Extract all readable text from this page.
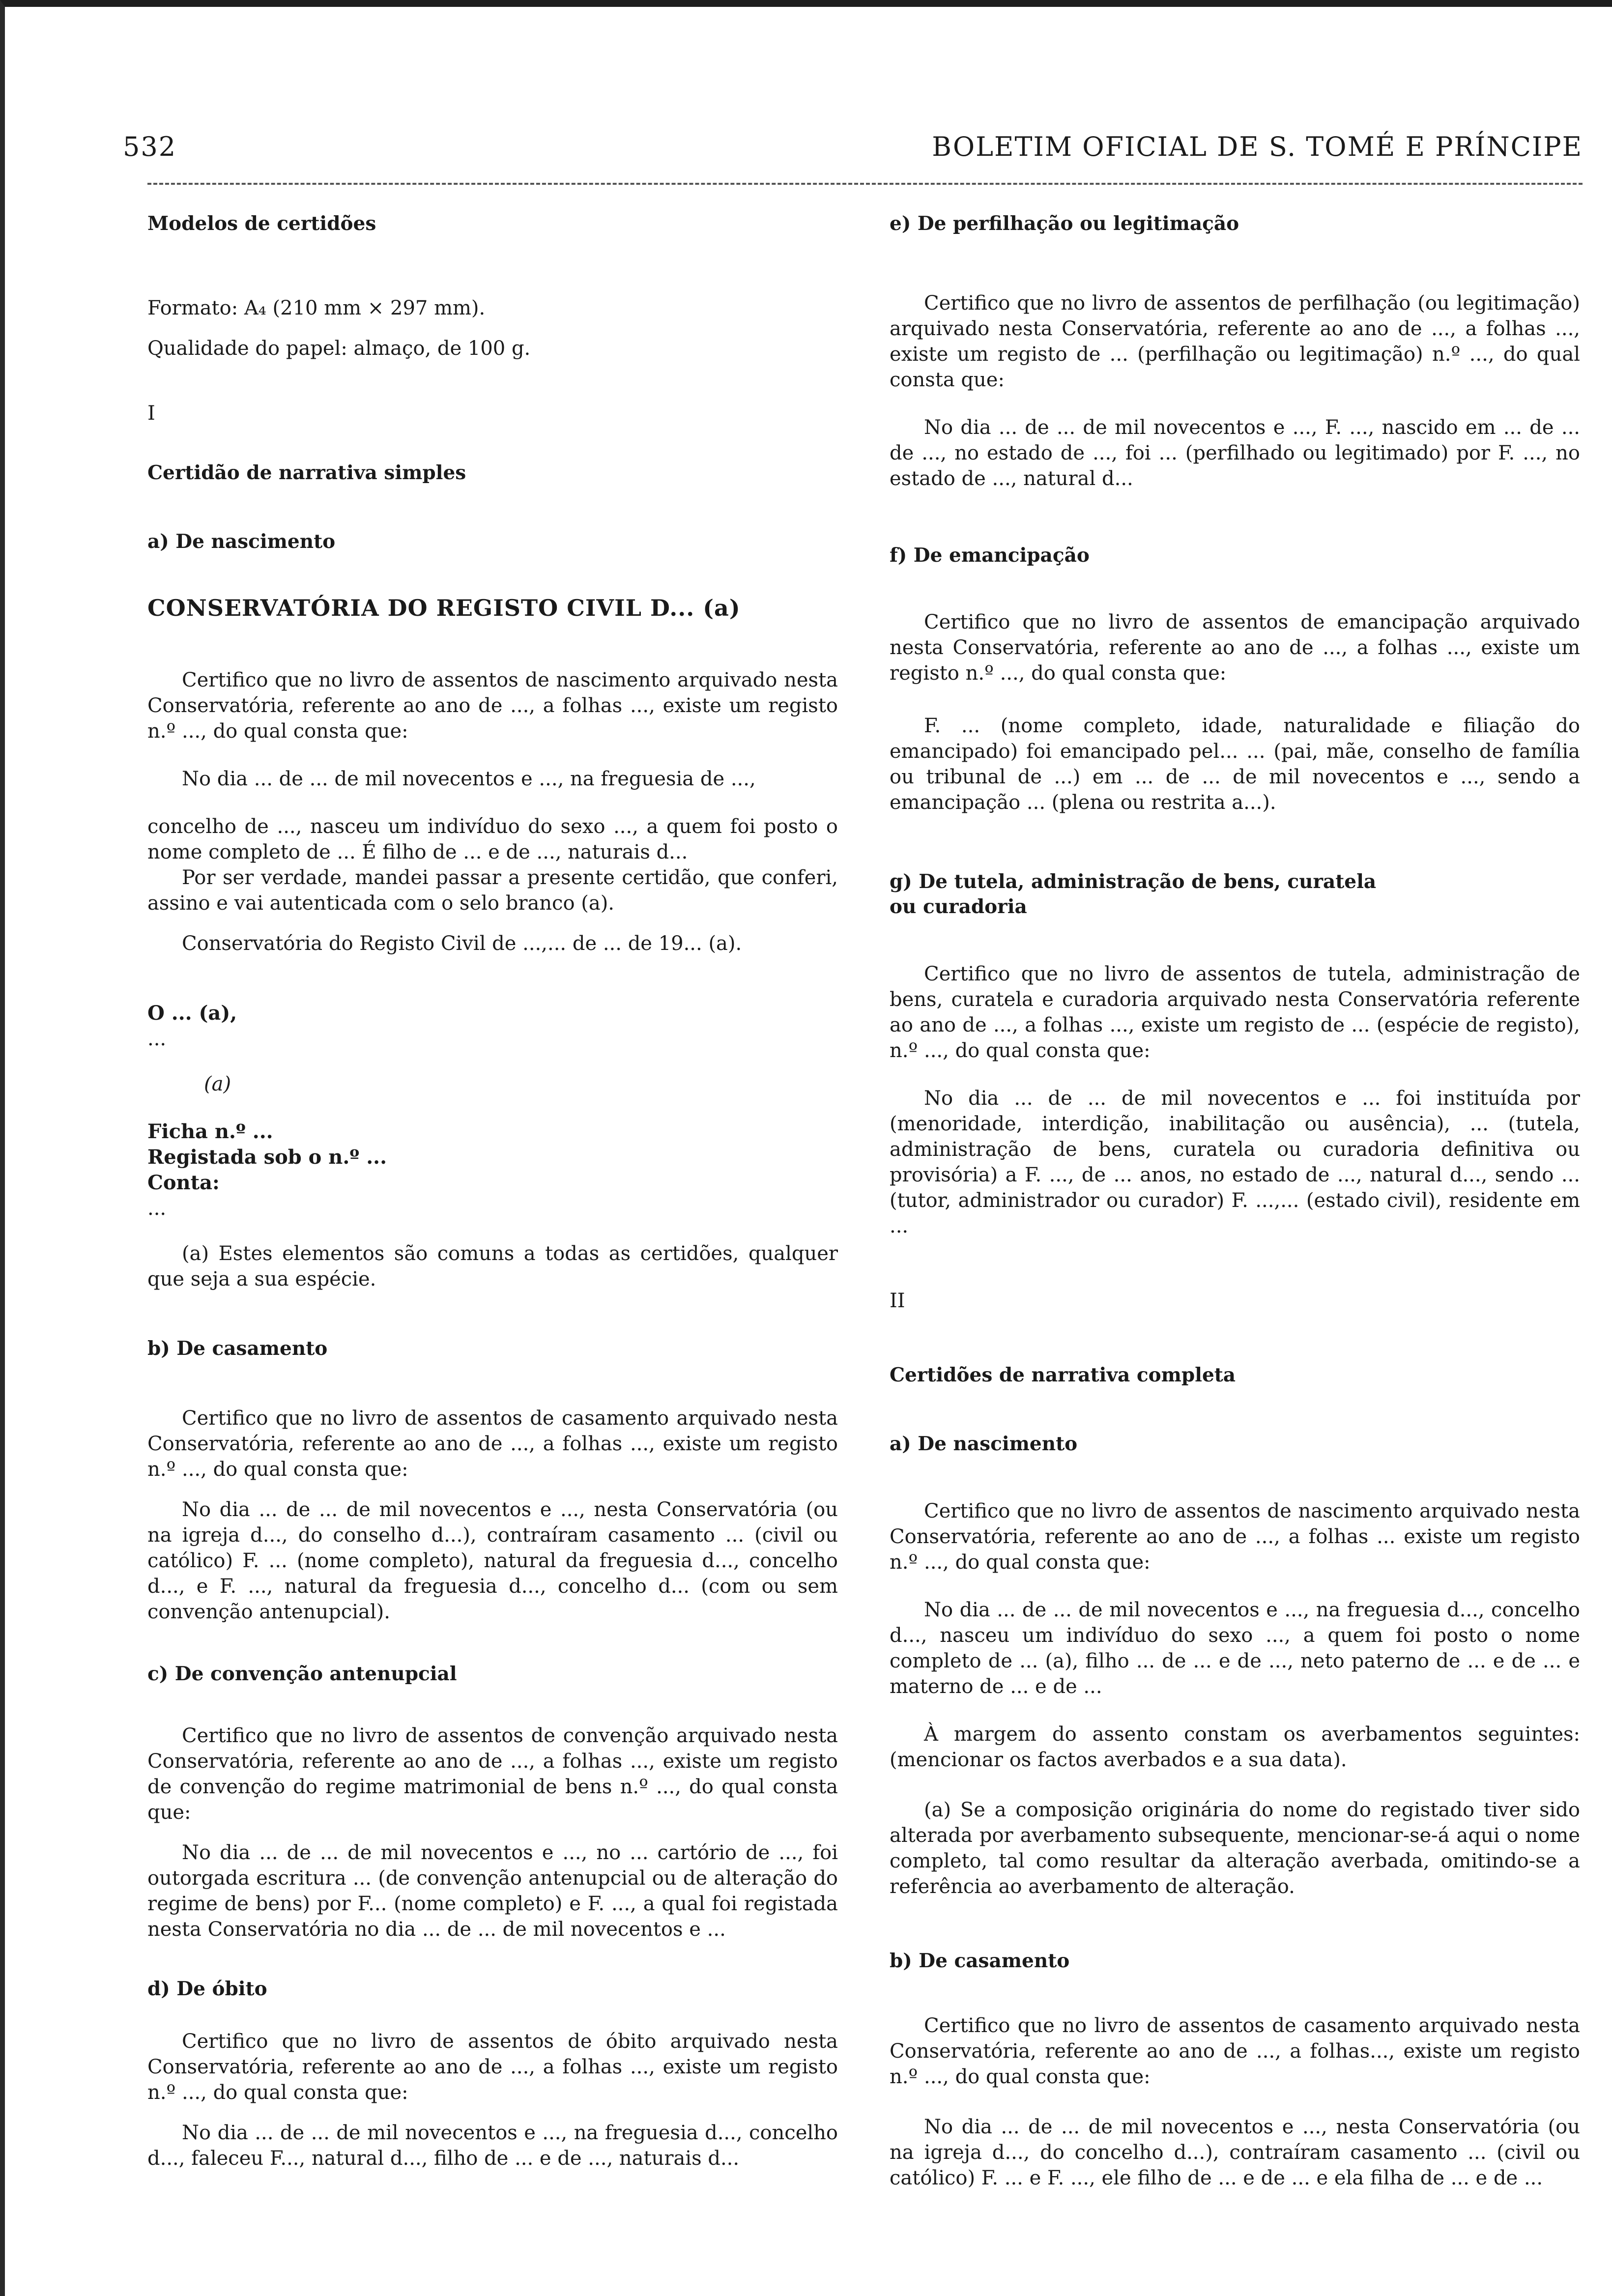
532	BOLETIM OFICIAL DE S. TOMÉ E PRÍNCIPE

Modelos de certidões

Formato: A₄ (210 mm × 297 mm).

Qualidade do papel: almaço, de 100 g.

I

Certidão de narrativa simples

a) De nascimento

CONSERVATÓRIA DO REGISTO CIVIL D... (a)

Certifico que no livro de assentos de nascimento arquivado nesta Conservatória, referente ao ano de ..., a folhas ..., existe um registo n.º ..., do qual consta que:

No dia ... de ... de mil novecentos e ..., na freguesia de ...,

concelho de ..., nasceu um indivíduo do sexo ..., a quem foi posto o nome completo de ... É filho de ... e de ..., naturais d...

Por ser verdade, mandei passar a presente certidão, que conferi, assino e vai autenticada com o selo branco (a).

Conservatória do Registo Civil de ...,... de ... de 19... (a).

O ... (a),

...

(a)

Ficha n.º ...

Registada sob o n.º ...

Conta:

...

(a) Estes elementos são comuns a todas as certidões, qualquer que seja a sua espécie.

b) De casamento

Certifico que no livro de assentos de casamento arquivado nesta Conservatória, referente ao ano de ..., a folhas ..., existe um registo n.º ..., do qual consta que:

No dia ... de ... de mil novecentos e ..., nesta Conservatória (ou na igreja d..., do conselho d...), contraíram casamento ... (civil ou católico) F. ... (nome completo), natural da freguesia d..., concelho d..., e F. ..., natural da freguesia d..., concelho d... (com ou sem convenção antenupcial).

c) De convenção antenupcial

Certifico que no livro de assentos de convenção arquivado nesta Conservatória, referente ao ano de ..., a folhas ..., existe um registo de convenção do regime matrimonial de bens n.º ..., do qual consta que:

No dia ... de ... de mil novecentos e ..., no ... cartório de ..., foi outorgada escritura ... (de convenção antenupcial ou de alteração do regime de bens) por F... (nome completo) e F. ..., a qual foi registada nesta Conservatória no dia ... de ... de mil novecentos e ...

d) De óbito

Certifico que no livro de assentos de óbito arquivado nesta Conservatória, referente ao ano de ..., a folhas ..., existe um registo n.º ..., do qual consta que:

No dia ... de ... de mil novecentos e ..., na freguesia d..., concelho d..., faleceu F..., natural d..., filho de ... e de ..., naturais d...

e) De perfilhação ou legitimação

Certifico que no livro de assentos de perfilhação (ou legitimação) arquivado nesta Conservatória, referente ao ano de ..., a folhas ..., existe um registo de ... (perfilhação ou legitimação) n.º ..., do qual consta que:

No dia ... de ... de mil novecentos e ..., F. ..., nascido em ... de ... de ..., no estado de ..., foi ... (perfilhado ou legitimado) por F. ..., no estado de ..., natural d...

f) De emancipação

Certifico que no livro de assentos de emancipação arquivado nesta Conservatória, referente ao ano de ..., a folhas ..., existe um registo n.º ..., do qual consta que:

F. ... (nome completo, idade, naturalidade e filiação do emancipado) foi emancipado pel... ... (pai, mãe, conselho de família ou tribunal de ...) em ... de ... de mil novecentos e ..., sendo a emancipação ... (plena ou restrita a...).

g) De tutela, administração de bens, curatela

ou curadoria

Certifico que no livro de assentos de tutela, administração de bens, curatela e curadoria arquivado nesta Conservatória referente ao ano de ..., a folhas ..., existe um registo de ... (espécie de registo), n.º ..., do qual consta que:

No dia ... de ... de mil novecentos e ... foi instituída por (menoridade, interdição, inabilitação ou ausência), ... (tutela, administração de bens, curatela ou curadoria definitiva ou provisória) a F. ..., de ... anos, no estado de ..., natural d..., sendo ... (tutor, administrador ou curador) F. ...,... (estado civil), residente em ...

II

Certidões de narrativa completa

a) De nascimento

Certifico que no livro de assentos de nascimento arquivado nesta Conservatória, referente ao ano de ..., a folhas ... existe um registo n.º ..., do qual consta que:

No dia ... de ... de mil novecentos e ..., na freguesia d..., concelho d..., nasceu um indivíduo do sexo ..., a quem foi posto o nome completo de ... (a), filho ... de ... e de ..., neto paterno de ... e de ... e materno de ... e de ...

À margem do assento constam os averbamentos seguintes: (mencionar os factos averbados e a sua data).

(a) Se a composição originária do nome do registado tiver sido alterada por averbamento subsequente, mencionar-se-á aqui o nome completo, tal como resultar da alteração averbada, omitindo-se a referência ao averbamento de alteração.

b) De casamento

Certifico que no livro de assentos de casamento arquivado nesta Conservatória, referente ao ano de ..., a folhas..., existe um registo n.º ..., do qual consta que:

No dia ... de ... de mil novecentos e ..., nesta Conservatória (ou na igreja d..., do concelho d...), contraíram casamento ... (civil ou católico) F. ... e F. ..., ele filho de ... e de ... e ela filha de ... e de ...
